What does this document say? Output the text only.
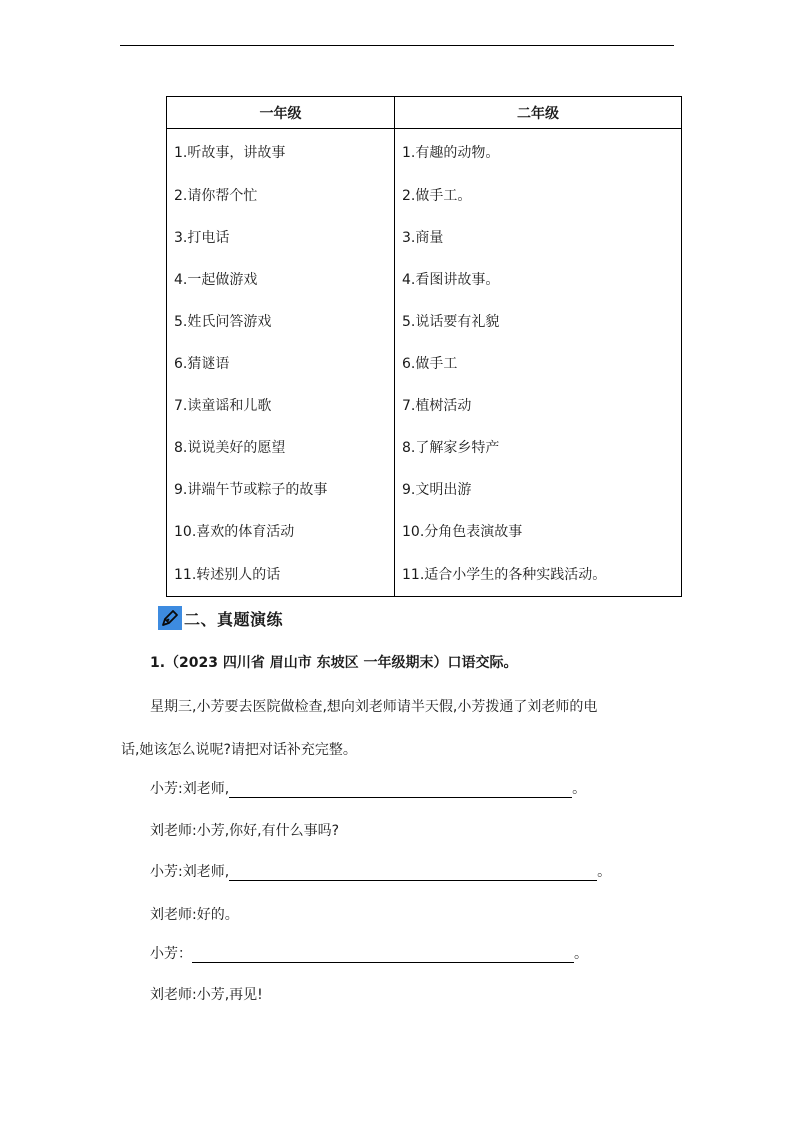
一年级	二年级
1.听故事，讲故事	1.有趣的动物。
2.请你帮个忙	2.做手工。
3.打电话	3.商量
4.一起做游戏	4.看图讲故事。
5.姓氏问答游戏	5.说话要有礼貌
6.猜谜语	6.做手工
7.读童谣和儿歌	7.植树活动
8.说说美好的愿望	8.了解家乡特产
9.讲端午节或粽子的故事	9.文明出游
10.喜欢的体育活动	10.分角色表演故事
11.转述别人的话	11.适合小学生的各种实践活动。
二、真题演练
1.（2023 四川省 眉山市 东坡区 一年级期末）口语交际。
星期三,小芳要去医院做检查,想向刘老师请半天假,小芳拨通了刘老师的电
话,她该怎么说呢?请把对话补充完整。
小芳:刘老师,	。
刘老师:小芳,你好,有什么事吗?
小芳:刘老师,	。
刘老师:好的。
小芳：	。
刘老师:小芳,再见!
